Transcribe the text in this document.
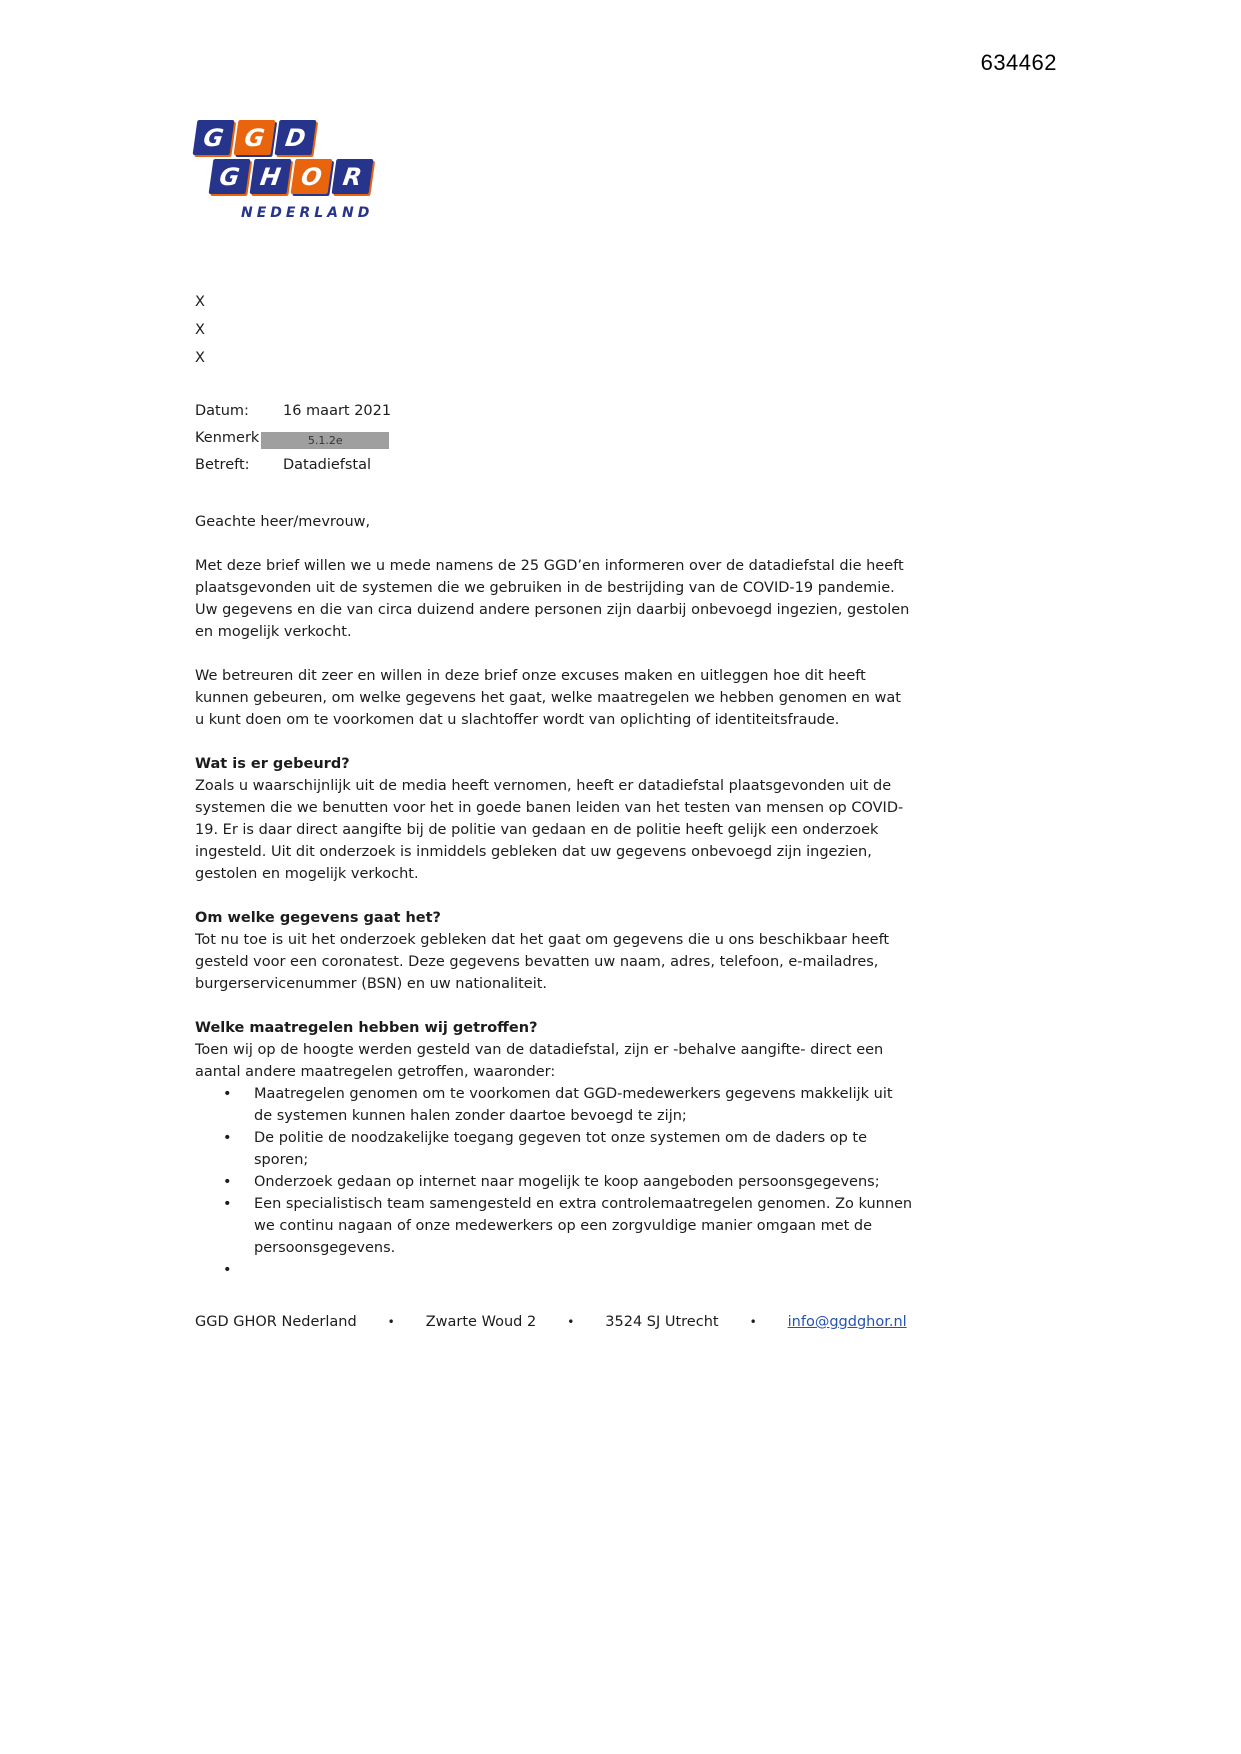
634462
G G D
G H O R
NEDERLAND
X
X
X
Datum: 16 maart 2021
Kenmerk	5.1.2e
Betreft: Datadiefstal

Geachte heer/mevrouw,

Met deze brief willen we u mede namens de 25 GGD’en informeren over de datadiefstal die heeft plaatsgevonden uit de systemen die we gebruiken in de bestrijding van de COVID-19 pandemie. Uw gegevens en die van circa duizend andere personen zijn daarbij onbevoegd ingezien, gestolen en mogelijk verkocht.

We betreuren dit zeer en willen in deze brief onze excuses maken en uitleggen hoe dit heeft kunnen gebeuren, om welke gegevens het gaat, welke maatregelen we hebben genomen en wat u kunt doen om te voorkomen dat u slachtoffer wordt van oplichting of identiteitsfraude.

Wat is er gebeurd?

Zoals u waarschijnlijk uit de media heeft vernomen, heeft er datadiefstal plaatsgevonden uit de systemen die we benutten voor het in goede banen leiden van het testen van mensen op COVID-19. Er is daar direct aangifte bij de politie van gedaan en de politie heeft gelijk een onderzoek ingesteld. Uit dit onderzoek is inmiddels gebleken dat uw gegevens onbevoegd zijn ingezien, gestolen en mogelijk verkocht.

Om welke gegevens gaat het?

Tot nu toe is uit het onderzoek gebleken dat het gaat om gegevens die u ons beschikbaar heeft gesteld voor een coronatest. Deze gegevens bevatten uw naam, adres, telefoon, e-mailadres, burgerservicenummer (BSN) en uw nationaliteit.

Welke maatregelen hebben wij getroffen?

Toen wij op de hoogte werden gesteld van de datadiefstal, zijn er -behalve aangifte- direct een aantal andere maatregelen getroffen, waaronder:

• Maatregelen genomen om te voorkomen dat GGD-medewerkers gegevens makkelijk uit de systemen kunnen halen zonder daartoe bevoegd te zijn;
• De politie de noodzakelijke toegang gegeven tot onze systemen om de daders op te sporen;
• Onderzoek gedaan op internet naar mogelijk te koop aangeboden persoonsgegevens;
• Een specialistisch team samengesteld en extra controlemaatregelen genomen. Zo kunnen we continu nagaan of onze medewerkers op een zorgvuldige manier omgaan met de persoonsgegevens.
•
GGD GHOR Nederland	• Zwarte Woud 2	• 3524 SJ Utrecht	• info@ggdghor.nl
